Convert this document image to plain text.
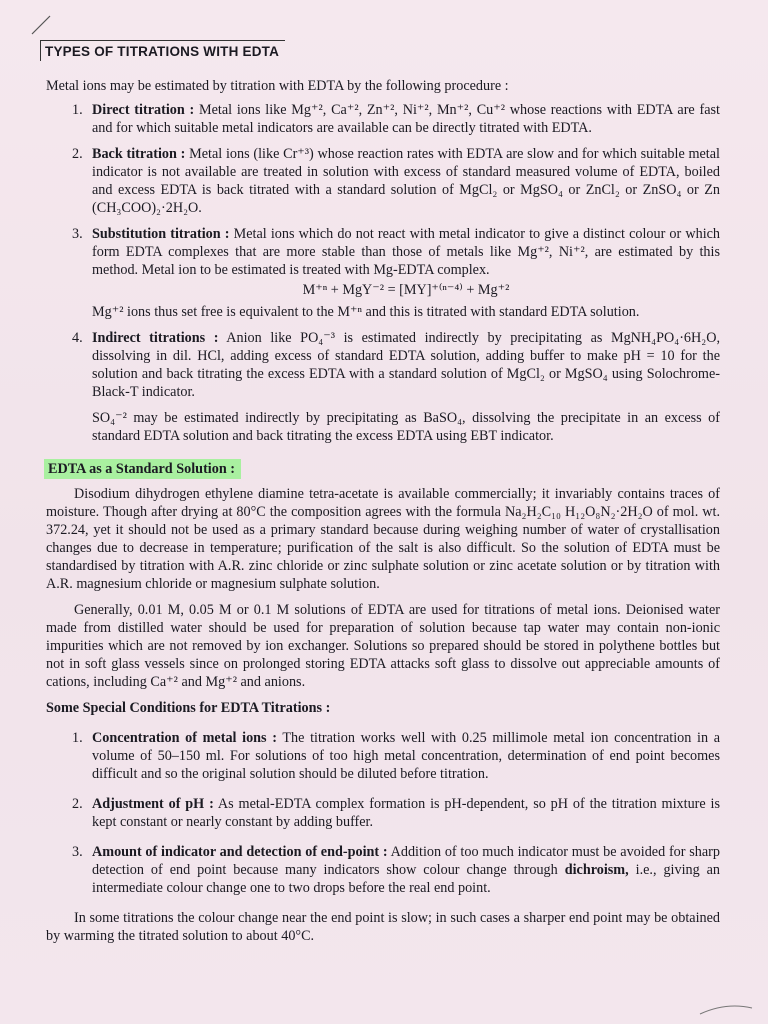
TYPES OF TITRATIONS WITH EDTA

Metal ions may be estimated by titration with EDTA by the following procedure :

1. Direct titration : Metal ions like Mg⁺², Ca⁺², Zn⁺², Ni⁺², Mn⁺², Cu⁺² whose reactions with EDTA are fast and for which suitable metal indicators are available can be directly titrated with EDTA.
2. Back titration : Metal ions (like Cr⁺³) whose reaction rates with EDTA are slow and for which suitable metal indicator is not available are treated in solution with excess of standard measured volume of EDTA, boiled and excess EDTA is back titrated with a standard solution of MgCl₂ or MgSO₄ or ZnCl₂ or ZnSO₄ or Zn (CH₃COO)₂·2H₂O.
3. Substitution titration : Metal ions which do not react with metal indicator to give a distinct colour or which form EDTA complexes that are more stable than those of metals like Mg⁺², Ni⁺², are estimated by this method. Metal ion to be estimated is treated with Mg-EDTA complex.
M⁺ⁿ + MgY⁻² = [MY]⁺⁽ⁿ⁻⁴⁾ + Mg⁺²

Mg⁺² ions thus set free is equivalent to the M⁺ⁿ and this is titrated with standard EDTA solution.

4. Indirect titrations : Anion like PO₄⁻³ is estimated indirectly by precipitating as MgNH₄PO₄·6H₂O, dissolving in dil. HCl, adding excess of standard EDTA solution, adding buffer to make pH = 10 for the solution and back titrating the excess EDTA with a standard solution of MgCl₂ or MgSO₄ using Solochrome-Black-T indicator.

SO₄⁻² may be estimated indirectly by precipitating as BaSO₄, dissolving the precipitate in an excess of standard EDTA solution and back titrating the excess EDTA using EBT indicator.

EDTA as a Standard Solution :

Disodium dihydrogen ethylene diamine tetra-acetate is available commercially; it invariably contains traces of moisture. Though after drying at 80°C the composition agrees with the formula Na₂H₂C₁₀ H₁₂O₈N₂·2H₂O of mol. wt. 372.24, yet it should not be used as a primary standard because during weighing number of water of crystallisation changes due to decrease in temperature; purification of the salt is also difficult. So the solution of EDTA must be standardised by titration with A.R. zinc chloride or zinc sulphate solution or zinc acetate solution or by titration with A.R. magnesium chloride or magnesium sulphate solution.

Generally, 0.01 M, 0.05 M or 0.1 M solutions of EDTA are used for titrations of metal ions. Deionised water made from distilled water should be used for preparation of solution because tap water may contain non-ionic impurities which are not removed by ion exchanger. Solutions so prepared should be stored in polythene bottles but not in soft glass vessels since on prolonged storing EDTA attacks soft glass to dissolve out appreciable amounts of cations, including Ca⁺² and Mg⁺² and anions.

Some Special Conditions for EDTA Titrations :
1. Concentration of metal ions : The titration works well with 0.25 millimole metal ion concentration in a volume of 50–150 ml. For solutions of too high metal concentration, determination of end point becomes difficult and so the original solution should be diluted before titration.
2. Adjustment of pH : As metal-EDTA complex formation is pH-dependent, so pH of the titration mixture is kept constant or nearly constant by adding buffer.
3. Amount of indicator and detection of end-point : Addition of too much indicator must be avoided for sharp detection of end point because many indicators show colour change through dichroism, i.e., giving an intermediate colour change one to two drops before the real end point.

In some titrations the colour change near the end point is slow; in such cases a sharper end point may be obtained by warming the titrated solution to about 40°C.
